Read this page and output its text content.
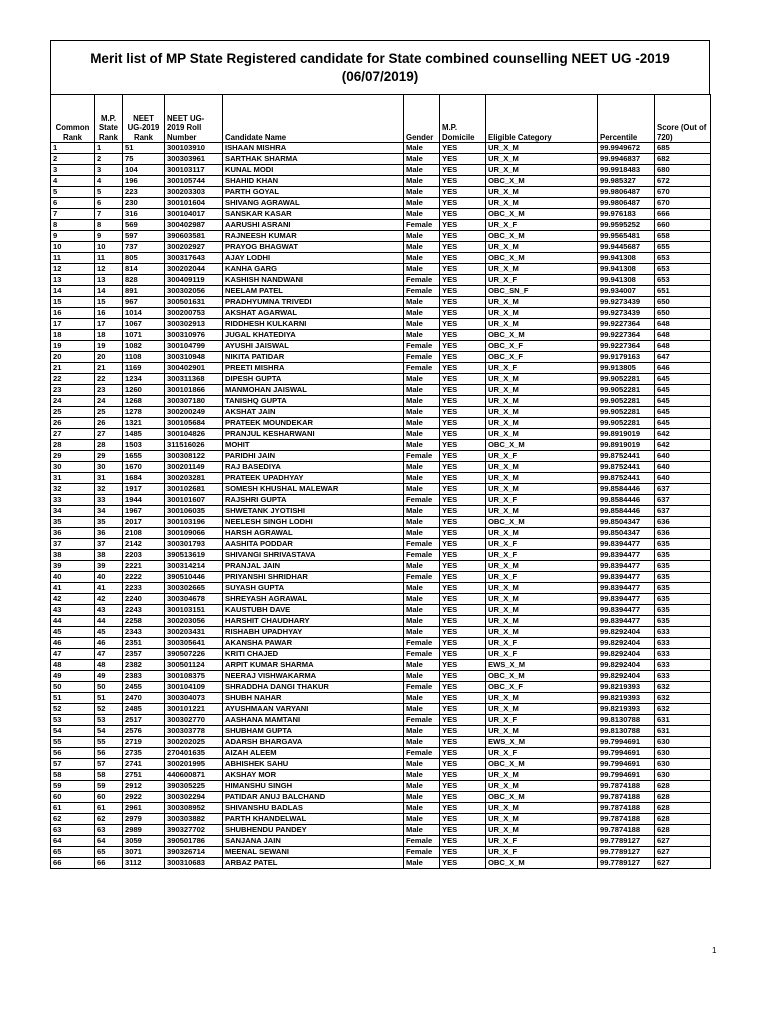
Merit list of MP State Registered candidate for State combined counselling NEET UG -2019
(06/07/2019)
Common Rank	M.P. State Rank	NEET UG-2019 Rank	NEET UG-2019 Roll Number	Candidate Name	Gender	M.P. Domicile	Eligible Category	Percentile	Score (Out of 720)
1	1	51	300103910	ISHAAN MISHRA	Male	YES	UR_X_M	99.9949672	685
2	2	75	300303961	SARTHAK SHARMA	Male	YES	UR_X_M	99.9946837	682
3	3	104	300103117	KUNAL MODI	Male	YES	UR_X_M	99.9918483	680
4	4	196	300105744	SHAHID KHAN	Male	YES	OBC_X_M	99.985327	672
5	5	223	300203303	PARTH GOYAL	Male	YES	UR_X_M	99.9806487	670
6	6	230	300101604	SHIVANG AGRAWAL	Male	YES	UR_X_M	99.9806487	670
7	7	316	300104017	SANSKAR KASAR	Male	YES	OBC_X_M	99.976183	666
8	8	569	300402987	AARUSHI ASRANI	Female	YES	UR_X_F	99.9595252	660
9	9	597	390603581	RAJNEESH KUMAR	Male	YES	OBC_X_M	99.9565481	658
10	10	737	300202927	PRAYOG BHAGWAT	Male	YES	UR_X_M	99.9445687	655
11	11	805	300317643	AJAY LODHI	Male	YES	OBC_X_M	99.941308	653
12	12	814	300202044	KANHA GARG	Male	YES	UR_X_M	99.941308	653
13	13	828	300409119	KASHISH NANDWANI	Female	YES	UR_X_F	99.941308	653
14	14	891	300302056	NEELAM PATEL	Female	YES	OBC_SN_F	99.934007	651
15	15	967	300501631	PRADHYUMNA TRIVEDI	Male	YES	UR_X_M	99.9273439	650
16	16	1014	300200753	AKSHAT AGARWAL	Male	YES	UR_X_M	99.9273439	650
17	17	1067	300302913	RIDDHESH KULKARNI	Male	YES	UR_X_M	99.9227364	648
18	18	1071	300310976	JUGAL KHATEDIYA	Male	YES	OBC_X_M	99.9227364	648
19	19	1082	300104799	AYUSHI JAISWAL	Female	YES	OBC_X_F	99.9227364	648
20	20	1108	300310948	NIKITA PATIDAR	Female	YES	OBC_X_F	99.9179163	647
21	21	1169	300402901	PREETI MISHRA	Female	YES	UR_X_F	99.913805	646
22	22	1234	300311368	DIPESH GUPTA	Male	YES	UR_X_M	99.9052281	645
23	23	1260	300101866	MANMOHAN JAISWAL	Male	YES	UR_X_M	99.9052281	645
24	24	1268	300307180	TANISHQ GUPTA	Male	YES	UR_X_M	99.9052281	645
25	25	1278	300200249	AKSHAT JAIN	Male	YES	UR_X_M	99.9052281	645
26	26	1321	300105684	PRATEEK MOUNDEKAR	Male	YES	UR_X_M	99.9052281	645
27	27	1485	300104826	PRANJUL KESHARWANI	Male	YES	UR_X_M	99.8919019	642
28	28	1503	311516026	MOHIT	Male	YES	OBC_X_M	99.8919019	642
29	29	1655	300308122	PARIDHI JAIN	Female	YES	UR_X_F	99.8752441	640
30	30	1670	300201149	RAJ BASEDIYA	Male	YES	UR_X_M	99.8752441	640
31	31	1684	300203281	PRATEEK UPADHYAY	Male	YES	UR_X_M	99.8752441	640
32	32	1917	300102681	SOMESH KHUSHAL MALEWAR	Male	YES	UR_X_M	99.8584446	637
33	33	1944	300101607	RAJSHRI GUPTA	Female	YES	UR_X_F	99.8584446	637
34	34	1967	300106035	SHWETANK JYOTISHI	Male	YES	UR_X_M	99.8584446	637
35	35	2017	300103196	NEELESH SINGH LODHI	Male	YES	OBC_X_M	99.8504347	636
36	36	2108	300109066	HARSH AGRAWAL	Male	YES	UR_X_M	99.8504347	636
37	37	2142	300301793	AASHITA PODDAR	Female	YES	UR_X_F	99.8394477	635
38	38	2203	390513619	SHIVANGI SHRIVASTAVA	Female	YES	UR_X_F	99.8394477	635
39	39	2221	300314214	PRANJAL JAIN	Male	YES	UR_X_M	99.8394477	635
40	40	2222	390510446	PRIYANSHI SHRIDHAR	Female	YES	UR_X_F	99.8394477	635
41	41	2233	300302665	SUYASH GUPTA	Male	YES	UR_X_M	99.8394477	635
42	42	2240	300304678	SHREYASH AGRAWAL	Male	YES	UR_X_M	99.8394477	635
43	43	2243	300103151	KAUSTUBH DAVE	Male	YES	UR_X_M	99.8394477	635
44	44	2258	300203056	HARSHIT CHAUDHARY	Male	YES	UR_X_M	99.8394477	635
45	45	2343	300203431	RISHABH UPADHYAY	Male	YES	UR_X_M	99.8292404	633
46	46	2351	300305641	AKANSHA PAWAR	Female	YES	UR_X_F	99.8292404	633
47	47	2357	390507226	KRITI CHAJED	Female	YES	UR_X_F	99.8292404	633
48	48	2382	300501124	ARPIT KUMAR SHARMA	Male	YES	EWS_X_M	99.8292404	633
49	49	2383	300108375	NEERAJ VISHWAKARMA	Male	YES	OBC_X_M	99.8292404	633
50	50	2455	300104109	SHRADDHA DANGI THAKUR	Female	YES	OBC_X_F	99.8219393	632
51	51	2470	300304073	SHUBH NAHAR	Male	YES	UR_X_M	99.8219393	632
52	52	2485	300101221	AYUSHMAAN VARYANI	Male	YES	UR_X_M	99.8219393	632
53	53	2517	300302770	AASHANA MAMTANI	Female	YES	UR_X_F	99.8130788	631
54	54	2576	300303778	SHUBHAM GUPTA	Male	YES	UR_X_M	99.8130788	631
55	55	2719	300202025	ADARSH BHARGAVA	Male	YES	EWS_X_M	99.7994691	630
56	56	2735	270401635	AIZAH ALEEM	Female	YES	UR_X_F	99.7994691	630
57	57	2741	300201995	ABHISHEK SAHU	Male	YES	OBC_X_M	99.7994691	630
58	58	2751	440600871	AKSHAY MOR	Male	YES	UR_X_M	99.7994691	630
59	59	2912	390305225	HIMANSHU SINGH	Male	YES	UR_X_M	99.7874188	628
60	60	2922	300302294	PATIDAR ANUJ BALCHAND	Male	YES	OBC_X_M	99.7874188	628
61	61	2961	300308952	SHIVANSHU BADLAS	Male	YES	UR_X_M	99.7874188	628
62	62	2979	300303882	PARTH KHANDELWAL	Male	YES	UR_X_M	99.7874188	628
63	63	2989	390327702	SHUBHENDU PANDEY	Male	YES	UR_X_M	99.7874188	628
64	64	3059	390501786	SANJANA JAIN	Female	YES	UR_X_F	99.7789127	627
65	65	3071	390326714	MEENAL SEWANI	Female	YES	UR_X_F	99.7789127	627
66	66	3112	300310683	ARBAZ PATEL	Male	YES	OBC_X_M	99.7789127	627
1
